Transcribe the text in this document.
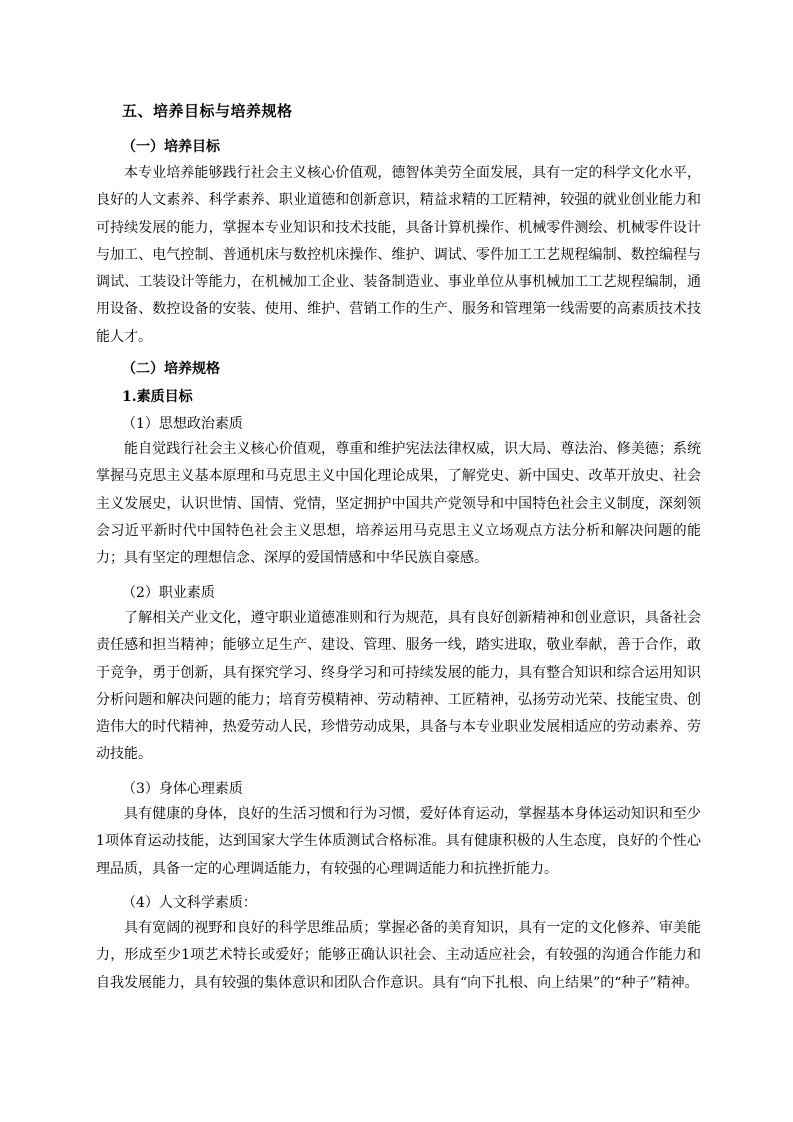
五、培养目标与培养规格
（一）培养目标

本专业培养能够践行社会主义核心价值观，德智体美劳全面发展，具有一定的科学文化水平，良好的人文素养、科学素养、职业道德和创新意识，精益求精的工匠精神，较强的就业创业能力和可持续发展的能力，掌握本专业知识和技术技能，具备计算机操作、机械零件测绘、机械零件设计与加工、电气控制、普通机床与数控机床操作、维护、调试、零件加工工艺规程编制、数控编程与调试、工装设计等能力，在机械加工企业、装备制造业、事业单位从事机械加工工艺规程编制，通用设备、数控设备的安装、使用、维护、营销工作的生产、服务和管理第一线需要的高素质技术技能人才。

（二）培养规格
1.素质目标
（1）思想政治素质

能自觉践行社会主义核心价值观，尊重和维护宪法法律权威，识大局、尊法治、修美德；系统掌握马克思主义基本原理和马克思主义中国化理论成果，了解党史、新中国史、改革开放史、社会主义发展史，认识世情、国情、党情，坚定拥护中国共产党领导和中国特色社会主义制度，深刻领会习近平新时代中国特色社会主义思想，培养运用马克思主义立场观点方法分析和解决问题的能力；具有坚定的理想信念、深厚的爱国情感和中华民族自豪感。

（2）职业素质

了解相关产业文化，遵守职业道德准则和行为规范，具有良好创新精神和创业意识，具备社会责任感和担当精神；能够立足生产、建设、管理、服务一线，踏实进取，敬业奉献，善于合作，敢于竞争，勇于创新，具有探究学习、终身学习和可持续发展的能力，具有整合知识和综合运用知识分析问题和解决问题的能力；培育劳模精神、劳动精神、工匠精神，弘扬劳动光荣、技能宝贵、创造伟大的时代精神，热爱劳动人民，珍惜劳动成果，具备与本专业职业发展相适应的劳动素养、劳动技能。

（3）身体心理素质

具有健康的身体，良好的生活习惯和行为习惯，爱好体育运动，掌握基本身体运动知识和至少1项体育运动技能，达到国家大学生体质测试合格标准。具有健康积极的人生态度，良好的个性心理品质，具备一定的心理调适能力，有较强的心理调适能力和抗挫折能力。

（4）人文科学素质：

具有宽阔的视野和良好的科学思维品质；掌握必备的美育知识，具有一定的文化修养、审美能力，形成至少1项艺术特长或爱好；能够正确认识社会、主动适应社会，有较强的沟通合作能力和自我发展能力，具有较强的集体意识和团队合作意识。具有“向下扎根、向上结果”的“种子”精神。
